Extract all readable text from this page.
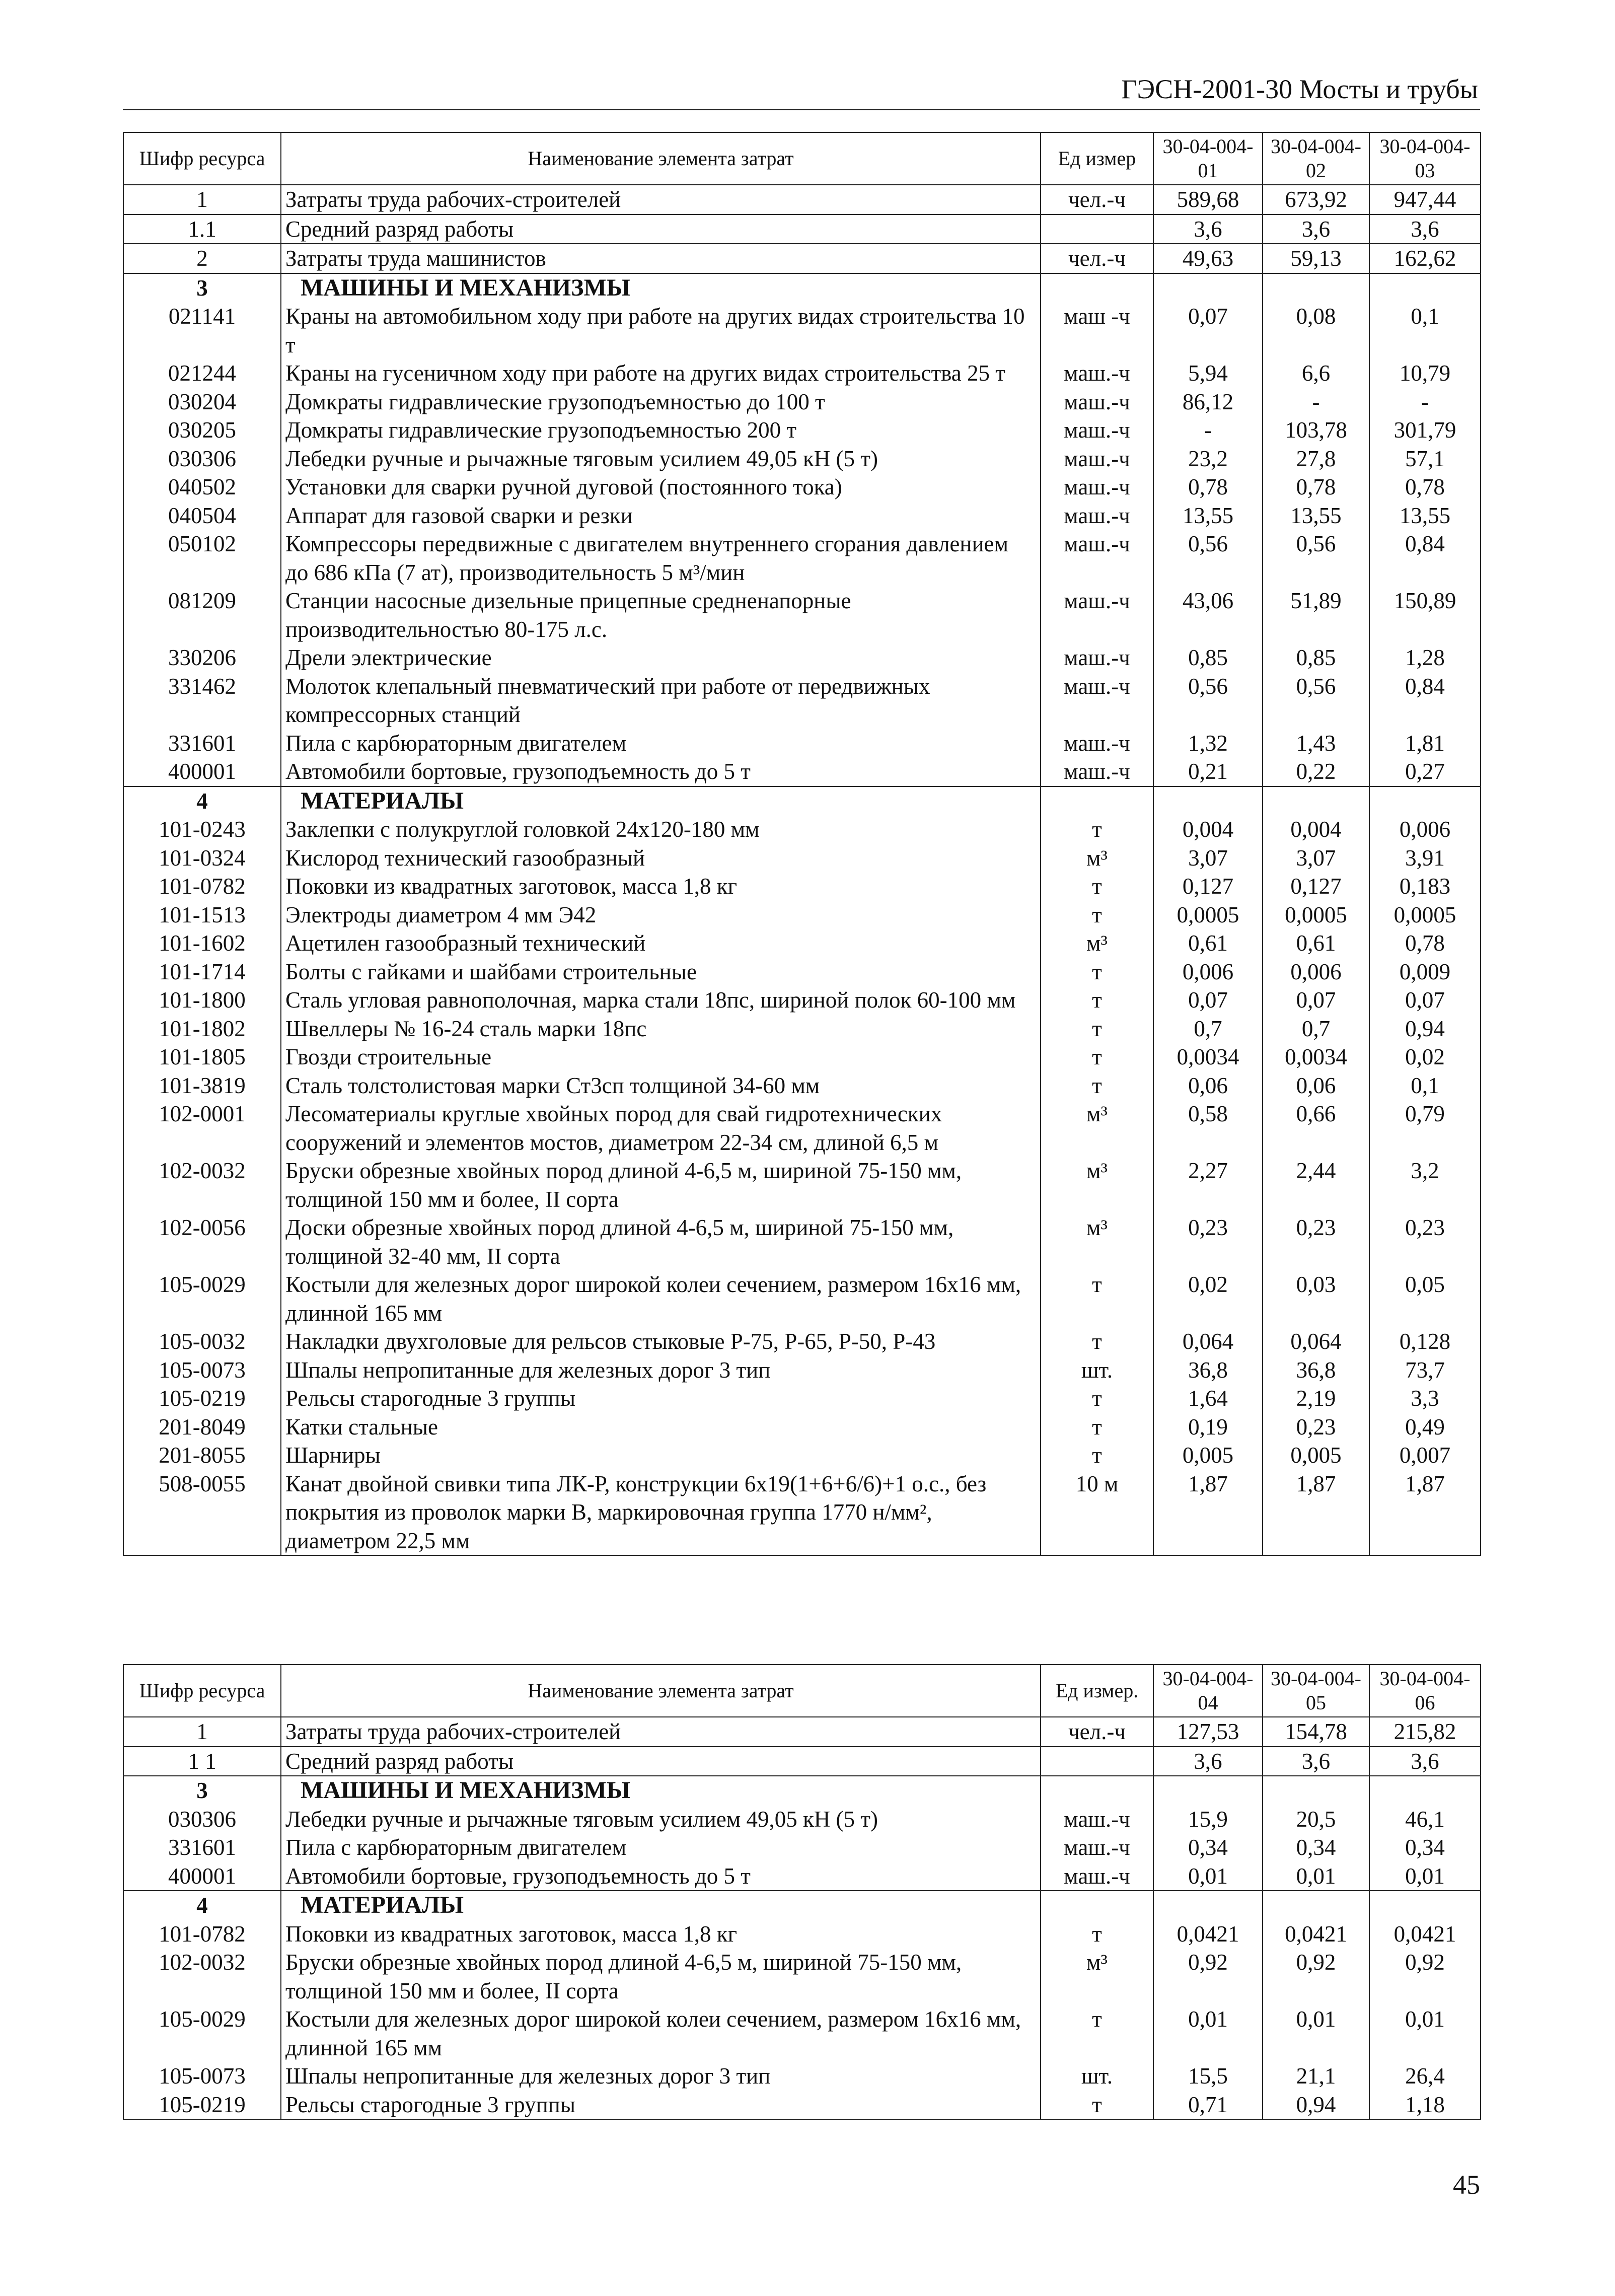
ГЭСН-2001-30 Мосты и трубы
Шифр ресурса	Наименование элемента затрат	Ед измер	30-04-004-01	30-04-004-02	30-04-004-03
1	Затраты труда рабочих-строителей	чел.-ч	589,68	673,92	947,44
1.1	Средний разряд работы		3,6	3,6	3,6
2	Затраты труда машинистов	чел.-ч	49,63	59,13	162,62
3	МАШИНЫ И МЕХАНИЗМЫ				
021141	Краны на автомобильном ходу при работе на других видах строительства 10 т	маш -ч	0,07	0,08	0,1
021244	Краны на гусеничном ходу при работе на других видах строительства 25 т	маш.-ч	5,94	6,6	10,79
030204	Домкраты гидравлические грузоподъемностью до 100 т	маш.-ч	86,12	-	-
030205	Домкраты гидравлические грузоподъемностью 200 т	маш.-ч	-	103,78	301,79
030306	Лебедки ручные и рычажные тяговым усилием 49,05 кН (5 т)	маш.-ч	23,2	27,8	57,1
040502	Установки для сварки ручной дуговой (постоянного тока)	маш.-ч	0,78	0,78	0,78
040504	Аппарат для газовой сварки и резки	маш.-ч	13,55	13,55	13,55
050102	Компрессоры передвижные с двигателем внутреннего сгорания давлением до 686 кПа (7 ат), производительность 5 м³/мин	маш.-ч	0,56	0,56	0,84
081209	Станции насосные дизельные прицепные средненапорные производительностью 80-175 л.с.	маш.-ч	43,06	51,89	150,89
330206	Дрели электрические	маш.-ч	0,85	0,85	1,28
331462	Молоток клепальный пневматический при работе от передвижных компрессорных станций	маш.-ч	0,56	0,56	0,84
331601	Пила с карбюраторным двигателем	маш.-ч	1,32	1,43	1,81
400001	Автомобили бортовые, грузоподъемность до 5 т	маш.-ч	0,21	0,22	0,27
4	МАТЕРИАЛЫ				
101-0243	Заклепки с полукруглой головкой 24х120-180 мм	т	0,004	0,004	0,006
101-0324	Кислород технический газообразный	м³	3,07	3,07	3,91
101-0782	Поковки из квадратных заготовок, масса 1,8 кг	т	0,127	0,127	0,183
101-1513	Электроды диаметром 4 мм Э42	т	0,0005	0,0005	0,0005
101-1602	Ацетилен газообразный технический	м³	0,61	0,61	0,78
101-1714	Болты с гайками и шайбами строительные	т	0,006	0,006	0,009
101-1800	Сталь угловая равнополочная, марка стали 18пс, шириной полок 60-100 мм	т	0,07	0,07	0,07
101-1802	Швеллеры № 16-24 сталь марки 18пс	т	0,7	0,7	0,94
101-1805	Гвозди строительные	т	0,0034	0,0034	0,02
101-3819	Сталь толстолистовая марки Ст3сп толщиной 34-60 мм	т	0,06	0,06	0,1
102-0001	Лесоматериалы круглые хвойных пород для свай гидротехнических сооружений и элементов мостов, диаметром 22-34 см, длиной 6,5 м	м³	0,58	0,66	0,79
102-0032	Бруски обрезные хвойных пород длиной 4-6,5 м, шириной 75-150 мм, толщиной 150 мм и более, II сорта	м³	2,27	2,44	3,2
102-0056	Доски обрезные хвойных пород длиной 4-6,5 м, шириной 75-150 мм, толщиной 32-40 мм, II сорта	м³	0,23	0,23	0,23
105-0029	Костыли для железных дорог широкой колеи сечением, размером 16х16 мм, длинной 165 мм	т	0,02	0,03	0,05
105-0032	Накладки двухголовые для рельсов стыковые Р-75, Р-65, Р-50, Р-43	т	0,064	0,064	0,128
105-0073	Шпалы непропитанные для железных дорог 3 тип	шт.	36,8	36,8	73,7
105-0219	Рельсы старогодные 3 группы	т	1,64	2,19	3,3
201-8049	Катки стальные	т	0,19	0,23	0,49
201-8055	Шарниры	т	0,005	0,005	0,007
508-0055	Канат двойной свивки типа ЛК-Р, конструкции 6х19(1+6+6/6)+1 о.с., без покрытия из проволок марки В, маркировочная группа 1770 н/мм², диаметром 22,5 мм	10 м	1,87	1,87	1,87
Шифр ресурса	Наименование элемента затрат	Ед измер.	30-04-004-04	30-04-004-05	30-04-004-06
1	Затраты труда рабочих-строителей	чел.-ч	127,53	154,78	215,82
1 1	Средний разряд работы		3,6	3,6	3,6
3	МАШИНЫ И МЕХАНИЗМЫ				
030306	Лебедки ручные и рычажные тяговым усилием 49,05 кН (5 т)	маш.-ч	15,9	20,5	46,1
331601	Пила с карбюраторным двигателем	маш.-ч	0,34	0,34	0,34
400001	Автомобили бортовые, грузоподъемность до 5 т	маш.-ч	0,01	0,01	0,01
4	МАТЕРИАЛЫ				
101-0782	Поковки из квадратных заготовок, масса 1,8 кг	т	0,0421	0,0421	0,0421
102-0032	Бруски обрезные хвойных пород длиной 4-6,5 м, шириной 75-150 мм, толщиной 150 мм и более, II сорта	м³	0,92	0,92	0,92
105-0029	Костыли для железных дорог широкой колеи сечением, размером 16х16 мм, длинной 165 мм	т	0,01	0,01	0,01
105-0073	Шпалы непропитанные для железных дорог 3 тип	шт.	15,5	21,1	26,4
105-0219	Рельсы старогодные 3 группы	т	0,71	0,94	1,18
45
